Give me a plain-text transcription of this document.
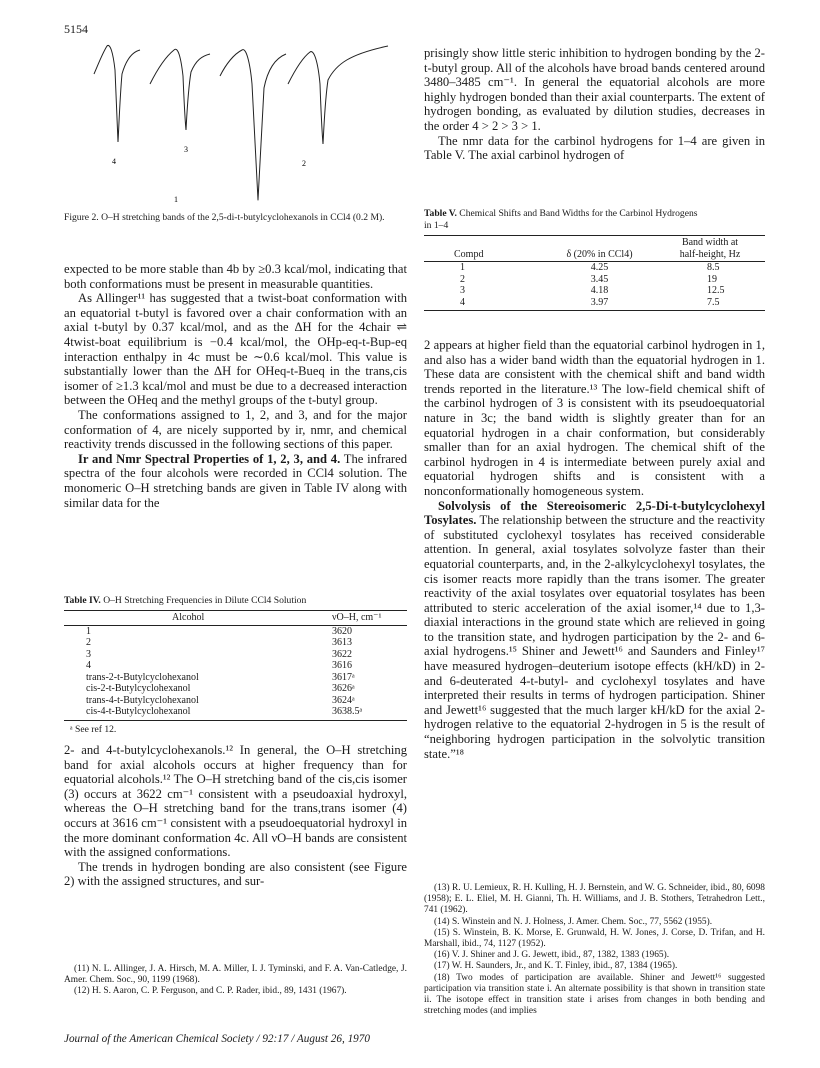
5154
4
3
2
1
Figure 2. O–H stretching bands of the 2,5-di-t-butylcyclohexanols in CCl4 (0.2 M).

expected to be more stable than 4b by ≥0.3 kcal/mol, indicating that both conformations must be present in measurable quantities.

As Allinger¹¹ has suggested that a twist-boat conformation with an equatorial t-butyl is favored over a chair conformation with an axial t-butyl by 0.37 kcal/mol, and as the ΔH for the 4chair ⇌ 4twist-boat equilibrium is −0.4 kcal/mol, the OHp-eq-t-Bup-eq interaction enthalpy in 4c must be ∼0.6 kcal/mol. This value is substantially lower than the ΔH for OHeq-t-Bueq in the trans,cis isomer of ≥1.3 kcal/mol and must be due to a decreased interaction between the OHeq and the methyl groups of the t-butyl group.

The conformations assigned to 1, 2, and 3, and for the major conformation of 4, are nicely supported by ir, nmr, and chemical reactivity trends discussed in the following sections of this paper.

Ir and Nmr Spectral Properties of 1, 2, 3, and 4. The infrared spectra of the four alcohols were recorded in CCl4 solution. The monomeric O–H stretching bands are given in Table IV along with similar data for the

Table IV. O–H Stretching Frequencies in Dilute CCl4 Solution
Alcohol	νO–H, cm⁻¹
1	3620
2	3613
3	3622
4	3616
trans-2-t-Butylcyclohexanol	3617ᵃ
cis-2-t-Butylcyclohexanol	3626ᵃ
trans-4-t-Butylcyclohexanol	3624ᵃ
cis-4-t-Butylcyclohexanol	3638.5ᵃ
ᵃ See ref 12.

2- and 4-t-butylcyclohexanols.¹² In general, the O–H stretching band for axial alcohols occurs at higher frequency than for equatorial alcohols.¹² The O–H stretching band of the cis,cis isomer (3) occurs at 3622 cm⁻¹ consistent with a pseudoaxial hydroxyl, whereas the O–H stretching band for the trans,trans isomer (4) occurs at 3616 cm⁻¹ consistent with a pseudoequatorial hydroxyl in the more dominant conformation 4c. All νO–H bands are consistent with the assigned conformations.

The trends in hydrogen bonding are also consistent (see Figure 2) with the assigned structures, and sur-

(11) N. L. Allinger, J. A. Hirsch, M. A. Miller, I. J. Tyminski, and F. A. Van-Catledge, J. Amer. Chem. Soc., 90, 1199 (1968).

(12) H. S. Aaron, C. P. Ferguson, and C. P. Rader, ibid., 89, 1431 (1967).

prisingly show little steric inhibition to hydrogen bonding by the 2-t-butyl group. All of the alcohols have broad bands centered around 3480–3485 cm⁻¹. In general the equatorial alcohols are more highly hydrogen bonded than their axial counterparts. The extent of hydrogen bonding, as evaluated by dilution studies, decreases in the order 4 > 2 > 3 > 1.

The nmr data for the carbinol hydrogens for 1–4 are given in Table V. The axial carbinol hydrogen of

Table V. Chemical Shifts and Band Widths for the Carbinol Hydrogens in 1–4
		Band width at
Compd	δ (20% in CCl4)	half-height, Hz
1	4.25	8.5
2	3.45	19
3	4.18	12.5
4	3.97	7.5

2 appears at higher field than the equatorial carbinol hydrogen in 1, and also has a wider band width than the equatorial hydrogen in 1. These data are consistent with the chemical shift and band width trends reported in the literature.¹³ The low-field chemical shift of the carbinol hydrogen of 3 is consistent with its pseudoequatorial nature in 3c; the band width is slightly greater than for an equatorial hydrogen in a chair conformation, but considerably smaller than for an axial hydrogen. The chemical shift of the carbinol hydrogen in 4 is intermediate between purely axial and equatorial hydrogen shifts and is consistent with a nonconformationally homogeneous system.

Solvolysis of the Stereoisomeric 2,5-Di-t-butylcyclohexyl Tosylates. The relationship between the structure and the reactivity of substituted cyclohexyl tosylates has received considerable attention. In general, axial tosylates solvolyze faster than their equatorial counterparts, and, in the 2-alkylcyclohexyl tosylates, the cis isomer reacts more rapidly than the trans isomer. The greater reactivity of the axial tosylates over equatorial tosylates has been attributed to steric acceleration of the axial isomer,¹⁴ due to 1,3-diaxial interactions in the ground state which are relieved in going to the transition state, and hydrogen participation by the 2- and 6-axial hydrogens.¹⁵ Shiner and Jewett¹⁶ and Saunders and Finley¹⁷ have measured hydrogen–deuterium isotope effects (kH/kD) in 2- and 6-deuterated 4-t-butyl- and cyclohexyl tosylates and have interpreted their results in terms of hydrogen participation. Shiner and Jewett¹⁶ suggested that the much larger kH/kD for the axial 2-hydrogen relative to the equatorial 2-hydrogen in 5 is the result of “neighboring hydrogen participation in the solvolytic transition state.”¹⁸

(13) R. U. Lemieux, R. H. Kulling, H. J. Bernstein, and W. G. Schneider, ibid., 80, 6098 (1958); E. L. Eliel, M. H. Gianni, Th. H. Williams, and J. B. Stothers, Tetrahedron Lett., 741 (1962).

(14) S. Winstein and N. J. Holness, J. Amer. Chem. Soc., 77, 5562 (1955).

(15) S. Winstein, B. K. Morse, E. Grunwald, H. W. Jones, J. Corse, D. Trifan, and H. Marshall, ibid., 74, 1127 (1952).

(16) V. J. Shiner and J. G. Jewett, ibid., 87, 1382, 1383 (1965).

(17) W. H. Saunders, Jr., and K. T. Finley, ibid., 87, 1384 (1965).

(18) Two modes of participation are available. Shiner and Jewett¹⁶ suggested participation via transition state i. An alternate possibility is that shown in transition state ii. The isotope effect in transition state i arises from changes in both bending and stretching modes (and implies

Journal of the American Chemical Society / 92:17 / August 26, 1970
